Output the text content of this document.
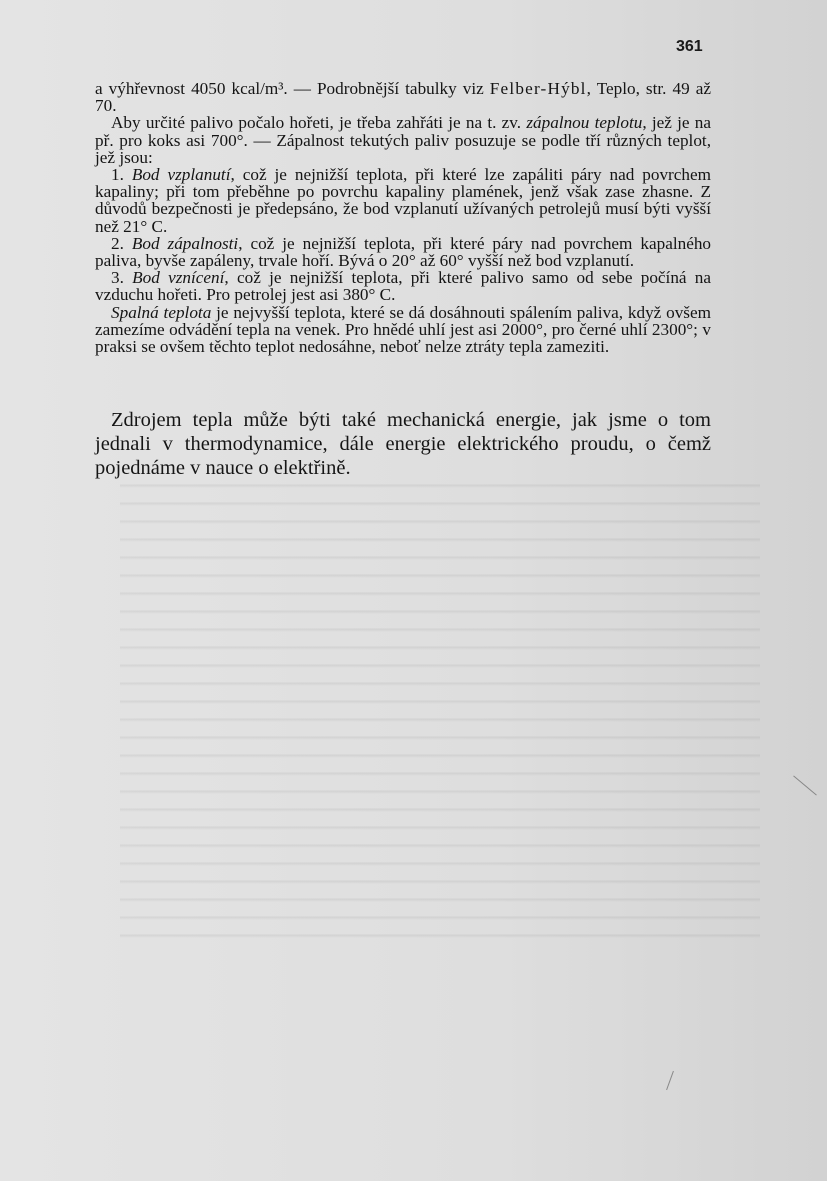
361

a výhřevnost 4050 kcal/m³. — Podrobnější tabulky viz Felber-Hýbl, Teplo, str. 49 až 70.

Aby určité palivo počalo hořeti, je třeba zahřáti je na t. zv. zápalnou teplotu, jež je na př. pro koks asi 700°. — Zápalnost tekutých paliv posuzuje se podle tří různých teplot, jež jsou:

1. Bod vzplanutí, což je nejnižší teplota, při které lze zapáliti páry nad povrchem kapaliny; při tom přeběhne po povrchu kapaliny plamének, jenž však zase zhasne. Z důvodů bezpečnosti je předepsáno, že bod vzplanutí užívaných petrolejů musí býti vyšší než 21° C.

2. Bod zápalnosti, což je nejnižší teplota, při které páry nad povrchem kapalného paliva, byvše zapáleny, trvale hoří. Bývá o 20° až 60° vyšší než bod vzplanutí.

3. Bod vznícení, což je nejnižší teplota, při které palivo samo od sebe počíná na vzduchu hořeti. Pro petrolej jest asi 380° C.

Spalná teplota je nejvyšší teplota, které se dá dosáhnouti spálením paliva, když ovšem zamezíme odvádění tepla na venek. Pro hnědé uhlí jest asi 2000°, pro černé uhlí 2300°; v praksi se ovšem těchto teplot nedosáhne, neboť nelze ztráty tepla zameziti.

Zdrojem tepla může býti také mechanická energie, jak jsme o tom jednali v thermodynamice, dále energie elektrického proudu, o čemž pojednáme v nauce o elektřině.
